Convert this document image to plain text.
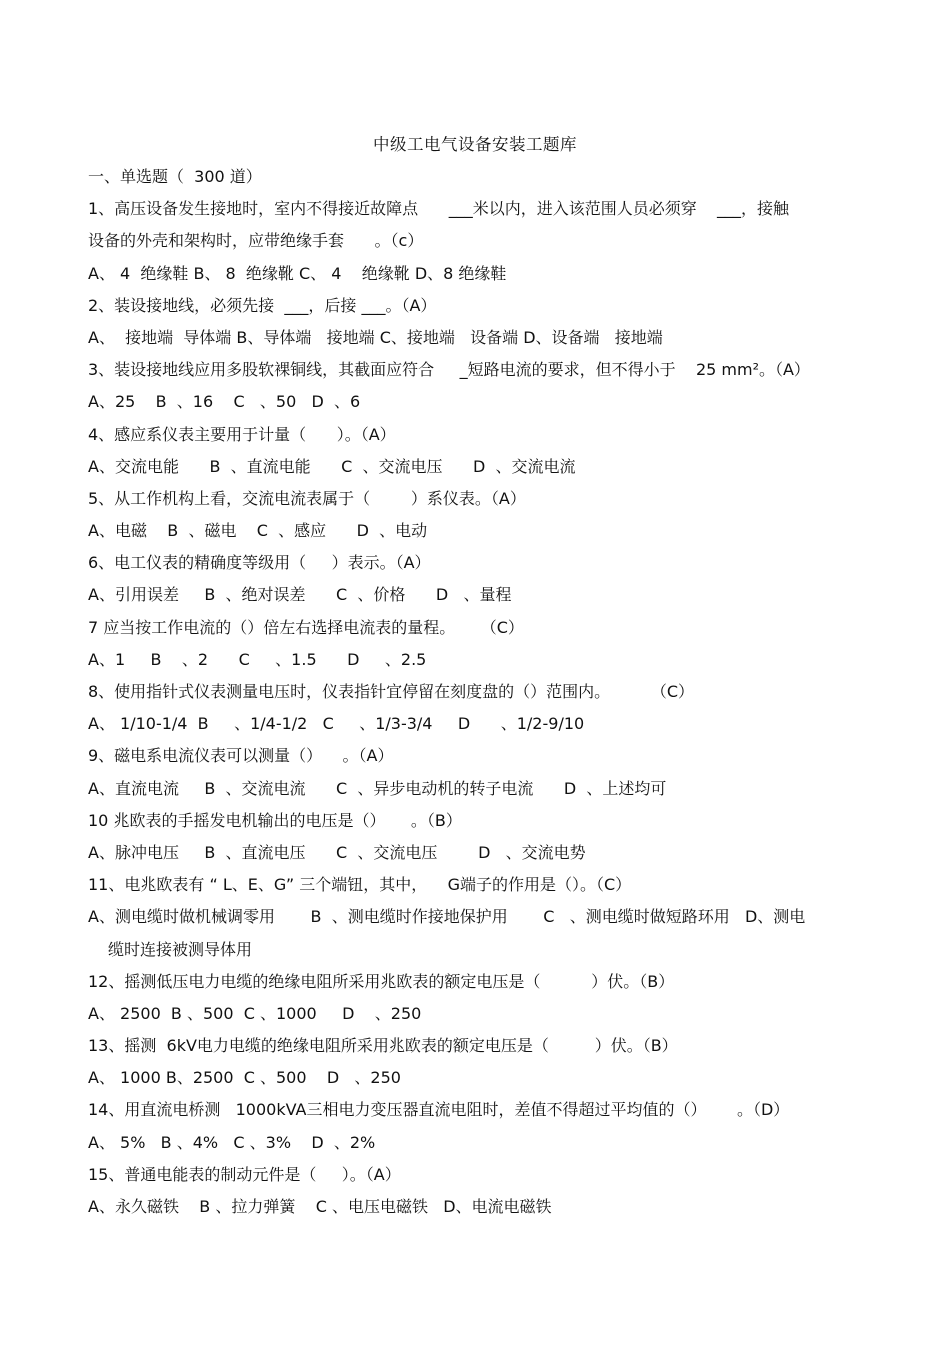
中级工电气设备安装工题库
一、单选题（  300 道）
1、高压设备发生接地时，室内不得接近故障点      ___米以内，进入该范围人员必须穿    ___，接触
设备的外壳和架构时，应带绝缘手套      。（c）
A、 4  绝缘鞋 B、 8  绝缘靴 C、 4    绝缘靴 D、8 绝缘鞋
2、装设接地线，必须先接  ___，后接 ___。（A）
A、  接地端  导体端 B、导体端   接地端 C、接地端   设备端 D、设备端   接地端
3、装设接地线应用多股软裸铜线，其截面应符合     _短路电流的要求，但不得小于    25 mm²。（A）
A、25    B  、16    C   、50   D  、6
4、感应系仪表主要用于计量（      ）。（A）
A、交流电能      B  、直流电能      C  、交流电压      D  、交流电流
5、从工作机构上看，交流电流表属于（        ）系仪表。（A）
A、电磁    B  、磁电    C  、感应      D  、电动
6、电工仪表的精确度等级用（     ）表示。（A）
A、引用误差     B  、绝对误差      C  、价格      D   、量程
7 应当按工作电流的（）倍左右选择电流表的量程。     （C）
A、1     B    、2      C     、1.5      D     、2.5
8、使用指针式仪表测量电压时，仪表指针宜停留在刻度盘的（）范围内。        （C）
A、 1/10-1/4  B     、1/4-1/2   C     、1/3-3/4     D      、1/2-9/10
9、磁电系电流仪表可以测量（）    。（A）
A、直流电流     B  、交流电流      C  、异步电动机的转子电流      D  、上述均可
10 兆欧表的手摇发电机输出的电压是（）     。（B）
A、脉冲电压     B  、直流电压      C  、交流电压        D   、交流电势
11、电兆欧表有 “ L、E、G” 三个端钮，其中，    G端子的作用是（）。（C）
A、测电缆时做机械调零用       B  、测电缆时作接地保护用       C   、测电缆时做短路环用   D、测电
缆时连接被测导体用
12、摇测低压电力电缆的绝缘电阻所采用兆欧表的额定电压是（          ）伏。（B）
A、 2500  B 、500  C 、1000     D    、250
13、摇测  6kV电力电缆的绝缘电阻所采用兆欧表的额定电压是（         ）伏。（B）
A、 1000 B、2500  C 、500    D   、250
14、用直流电桥测   1000kVA三相电力变压器直流电阻时，差值不得超过平均值的（）      。（D）
A、 5%   B 、4%   C 、3%    D  、2%
15、普通电能表的制动元件是（     ）。（A）
A、永久磁铁    B 、拉力弹簧    C 、电压电磁铁   D、电流电磁铁
